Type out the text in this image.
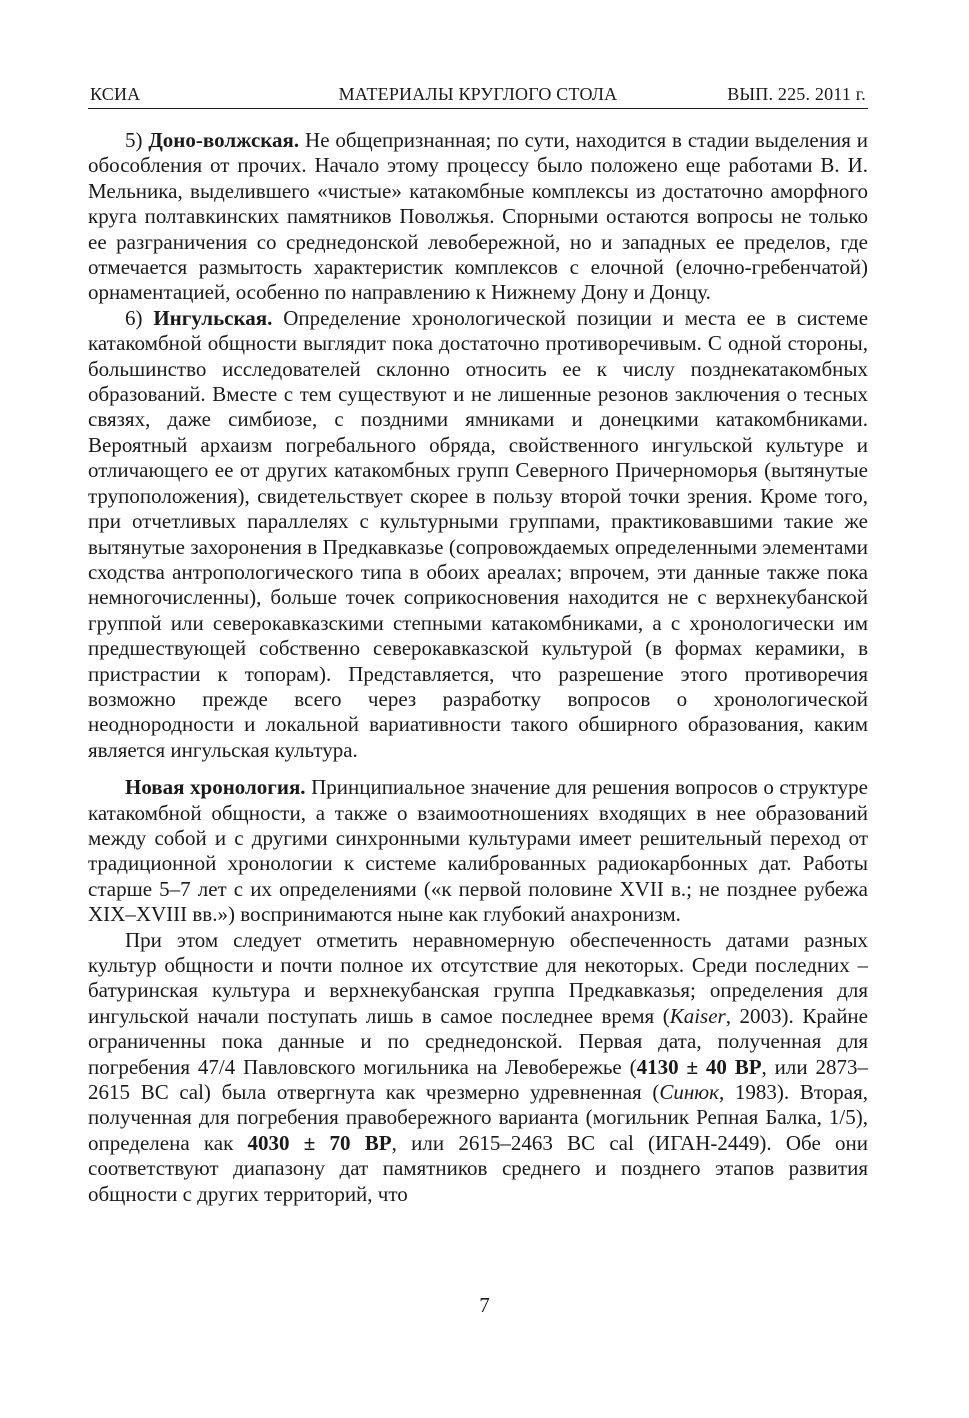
КСИА	МАТЕРИАЛЫ КРУГЛОГО СТОЛА	ВЫП. 225. 2011 г.

5) Доно-волжская. Не общепризнанная; по сути, находится в стадии выделения и обособления от прочих. Начало этому процессу было положено еще работами В. И. Мельника, выделившего «чистые» катакомбные комплексы из достаточно аморфного круга полтавкинских памятников Поволжья. Спорными остаются вопросы не только ее разграничения со среднедонской левобережной, но и западных ее пределов, где отмечается размытость характеристик комплексов с елочной (елочно-гребенчатой) орнаментацией, особенно по направлению к Нижнему Дону и Донцу.

6) Ингульская. Определение хронологической позиции и места ее в системе катакомбной общности выглядит пока достаточно противоречивым. С одной стороны, большинство исследователей склонно относить ее к числу позднекатакомбных образований. Вместе с тем существуют и не лишенные резонов заключения о тесных связях, даже симбиозе, с поздними ямниками и донецкими катакомбниками. Вероятный архаизм погребального обряда, свойственного ингульской культуре и отличающего ее от других катакомбных групп Северного Причерноморья (вытянутые трупоположения), свидетельствует скорее в пользу второй точки зрения. Кроме того, при отчетливых параллелях с культурными группами, практиковавшими такие же вытянутые захоронения в Предкавказье (сопровождаемых определенными элементами сходства антропологического типа в обоих ареалах; впрочем, эти данные также пока немногочисленны), больше точек соприкосновения находится не с верхнекубанской группой или северокавказскими степными катакомбниками, а с хронологически им предшествующей собственно северокавказской культурой (в формах керамики, в пристрастии к топорам). Представляется, что разрешение этого противоречия возможно прежде всего через разработку вопросов о хронологической неоднородности и локальной вариативности такого обширного образования, каким является ингульская культура.

Новая хронология. Принципиальное значение для решения вопросов о структуре катакомбной общности, а также о взаимоотношениях входящих в нее образований между собой и с другими синхронными культурами имеет решительный переход от традиционной хронологии к системе калиброванных радиокарбонных дат. Работы старше 5–7 лет с их определениями («к первой половине XVII в.; не позднее рубежа XIX–XVIII вв.») воспринимаются ныне как глубокий анахронизм.

При этом следует отметить неравномерную обеспеченность датами разных культур общности и почти полное их отсутствие для некоторых. Среди последних – батуринская культура и верхнекубанская группа Предкавказья; определения для ингульской начали поступать лишь в самое последнее время (Kaiser, 2003). Крайне ограниченны пока данные и по среднедонской. Первая дата, полученная для погребения 47/4 Павловского могильника на Левобережье (4130 ± 40 BP, или 2873–2615 BC cal) была отвергнута как чрезмерно удревненная (Синюк, 1983). Вторая, полученная для погребения правобережного варианта (могильник Репная Балка, 1/5), определена как 4030 ± 70 BP, или 2615–2463 BC cal (ИГАН-2449). Обе они соответствуют диапазону дат памятников среднего и позднего этапов развития общности с других территорий, что

7
